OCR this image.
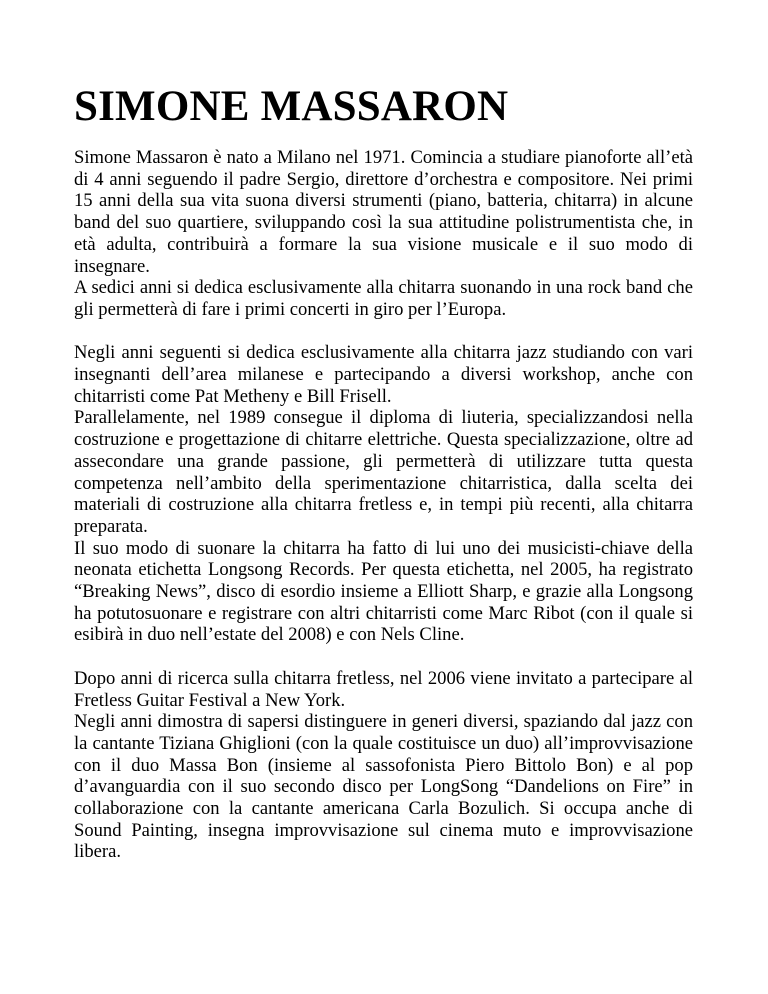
SIMONE MASSARON

Simone Massaron è nato a Milano nel 1971. Comincia a studiare pianoforte all’età di 4 anni seguendo il padre Sergio, direttore d’orchestra e compositore. Nei primi 15 anni della sua vita suona diversi strumenti (piano, batteria, chitarra) in alcune band del suo quartiere, sviluppando così la sua attitudine polistrumentista che, in età adulta, contribuirà a formare la sua visione musicale e il suo modo di insegnare.

A sedici anni si dedica esclusivamente alla chitarra suonando in una rock band che gli permetterà di fare i primi concerti in giro per l’Europa.

Negli anni seguenti si dedica esclusivamente alla chitarra jazz studiando con vari insegnanti dell’area milanese e partecipando a diversi workshop, anche con chitarristi come Pat Metheny e Bill Frisell.

Parallelamente, nel 1989 consegue il diploma di liuteria, specializzandosi nella costruzione e progettazione di chitarre elettriche. Questa specializzazione, oltre ad assecondare una grande passione, gli permetterà di utilizzare tutta questa competenza nell’ambito della sperimentazione chitarristica, dalla scelta dei materiali di costruzione alla chitarra fretless e, in tempi più recenti, alla chitarra preparata.

Il suo modo di suonare la chitarra ha fatto di lui uno dei musicisti-chiave della neonata etichetta Longsong Records. Per questa etichetta, nel 2005, ha registrato “Breaking News”, disco di esordio insieme a Elliott Sharp, e grazie alla Longsong ha potutosuonare e registrare con altri chitarristi come Marc Ribot (con il quale si esibirà in duo nell’estate del 2008) e con Nels Cline.

Dopo anni di ricerca sulla chitarra fretless, nel 2006 viene invitato a partecipare al Fretless Guitar Festival a New York.

Negli anni dimostra di sapersi distinguere in generi diversi, spaziando dal jazz con la cantante Tiziana Ghiglioni (con la quale costituisce un duo) all’improvvisazione con il duo Massa Bon (insieme al sassofonista Piero Bittolo Bon) e al pop d’avanguardia con il suo secondo disco per LongSong “Dandelions on Fire” in collaborazione con la cantante americana Carla Bozulich. Si occupa anche di Sound Painting, insegna improvvisazione sul cinema muto e improvvisazione libera.
